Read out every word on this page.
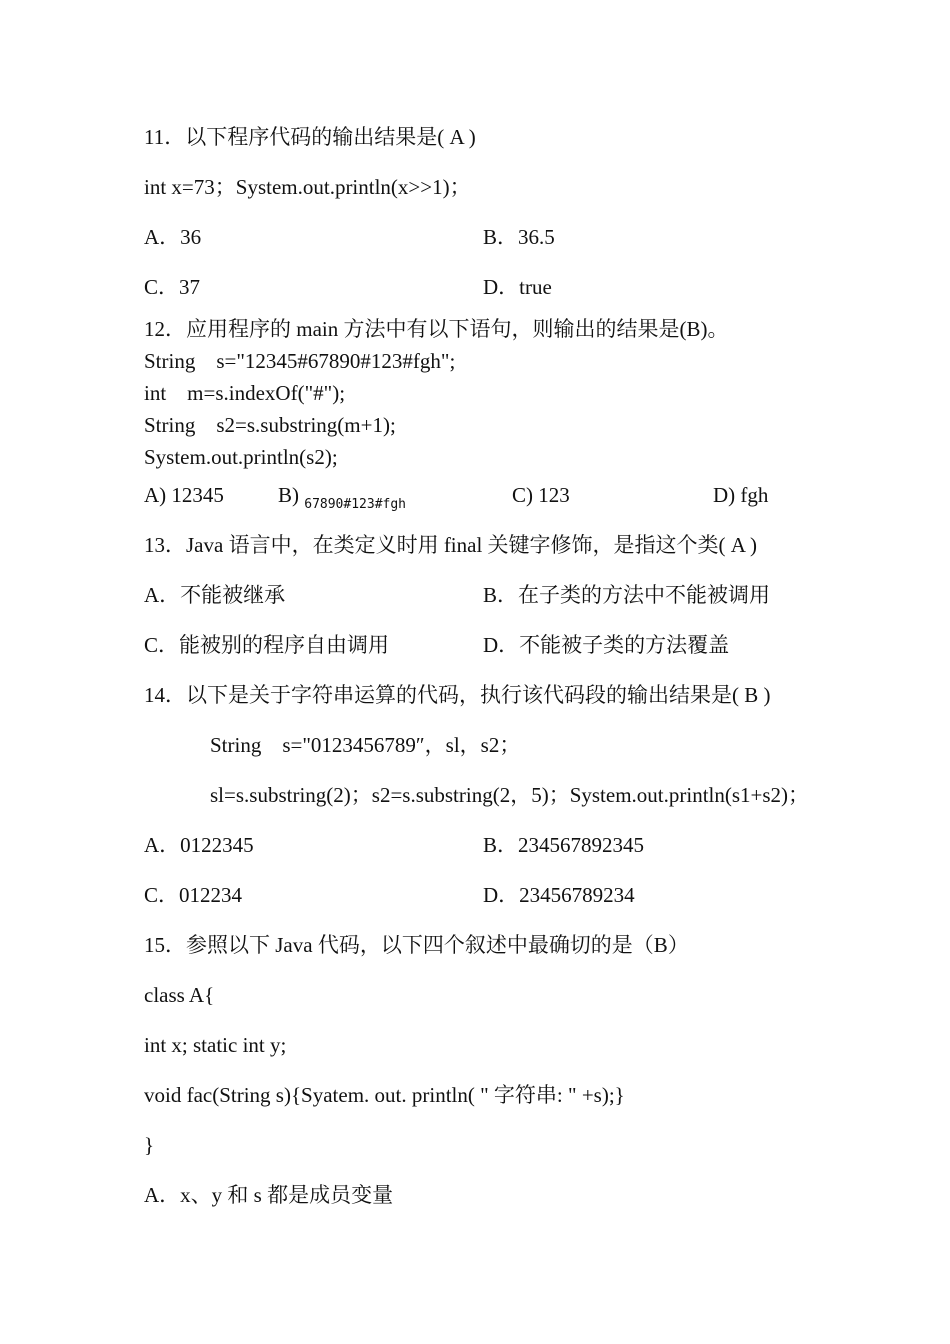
11．以下程序代码的输出结果是( A )
int x=73；System.out.println(x>>1)；
A．36	B．36.5
C．37	D．true
12．应用程序的 main 方法中有以下语句，则输出的结果是(B)。
String    s="12345#67890#123#fgh";
int    m=s.indexOf("#");
String    s2=s.substring(m+1);
System.out.println(s2);
A) 12345	B) $_{67890\#123\#fgh}$	C) 123	D) fgh
13．Java 语言中，在类定义时用 final 关键字修饰，是指这个类( A )
A．不能被继承	B．在子类的方法中不能被调用
C．能被别的程序自由调用	D．不能被子类的方法覆盖
14．以下是关于字符串运算的代码，执行该代码段的输出结果是( B )
String    s="0123456789″，sl，s2；
sl=s.substring(2)；s2=s.substring(2，5)；System.out.println(s1+s2)；
A．0122345	B．234567892345
C．012234	D．23456789234
15．参照以下 Java 代码，以下四个叙述中最确切的是（B）
class A{
int x; static int y;
void fac(String s){Syatem. out. println( " 字符串: " +s);}
}
A．x、y 和 s 都是成员变量
